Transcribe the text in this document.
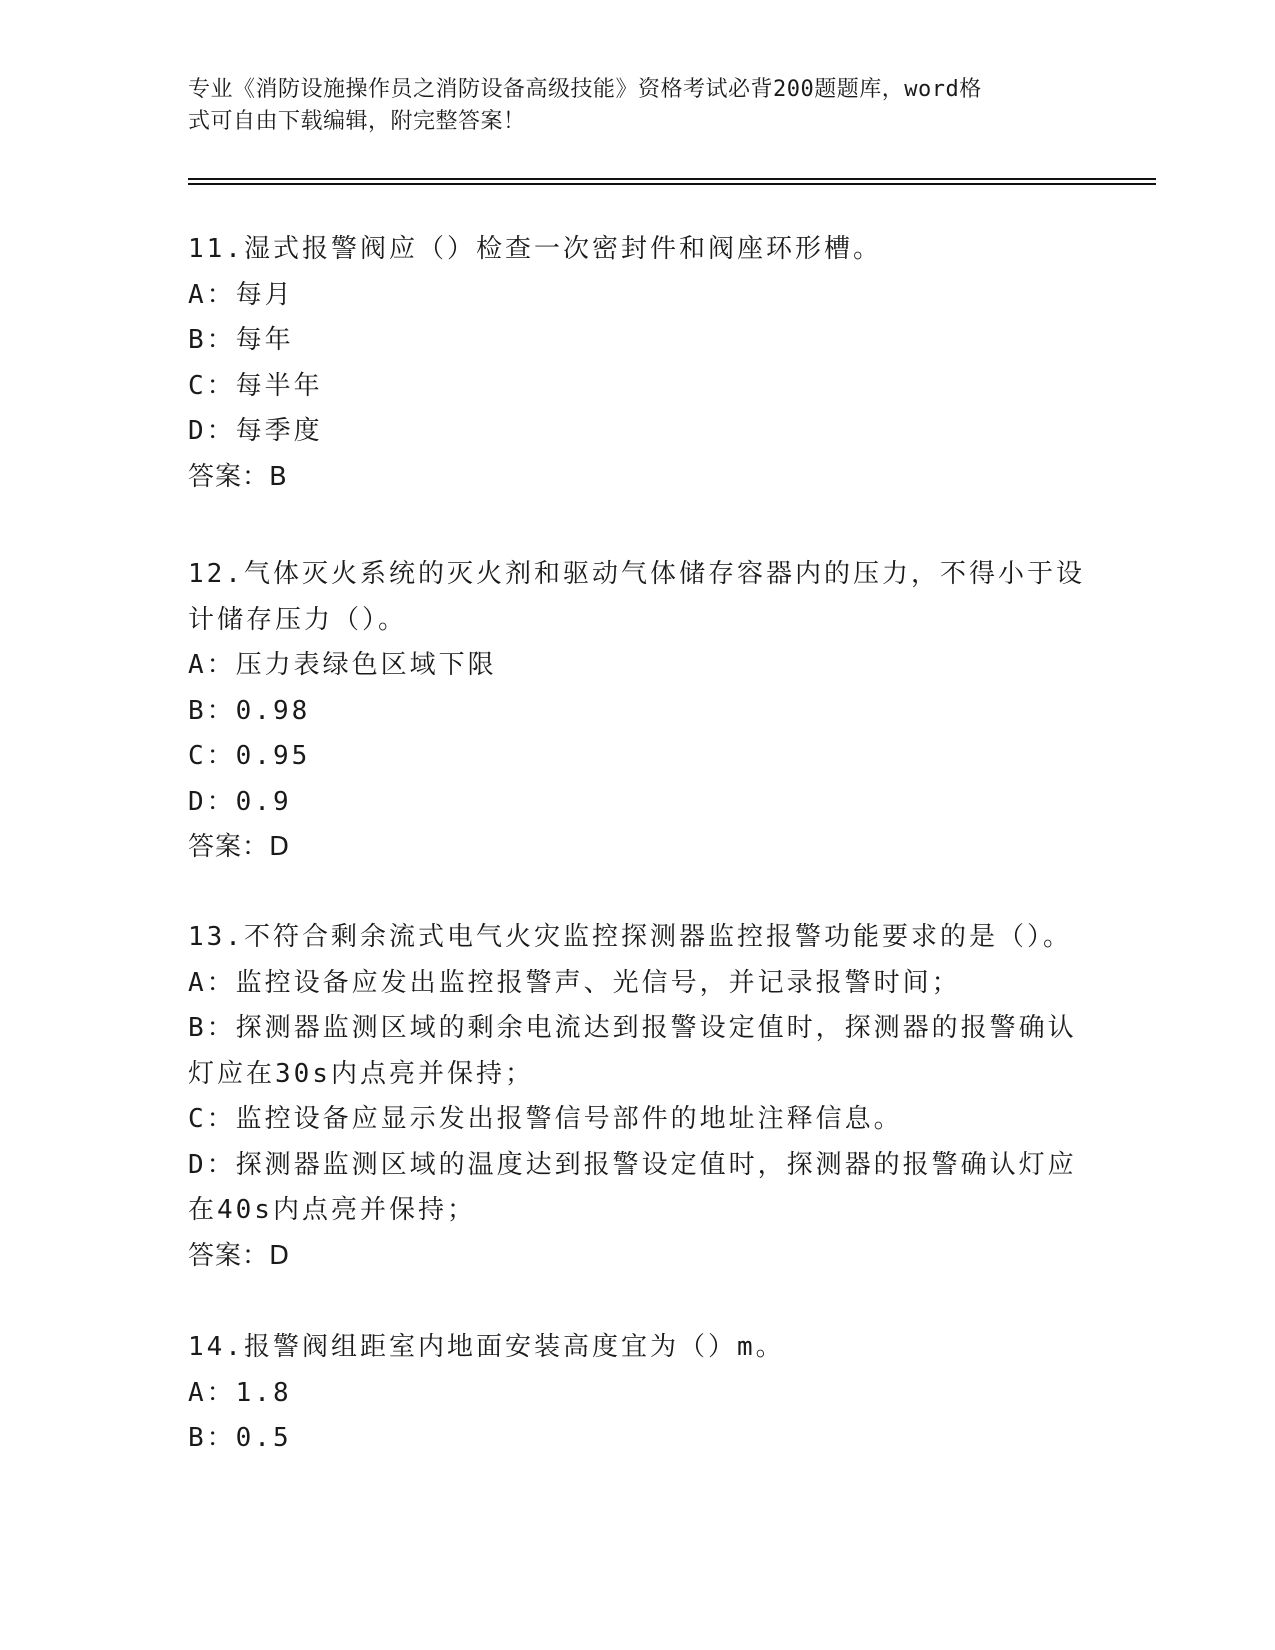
专业《消防设施操作员之消防设备高级技能》资格考试必背200题题库，word格
式可自由下载编辑，附完整答案！
11.湿式报警阀应（）检查一次密封件和阀座环形槽。
A：每月
B：每年
C：每半年
D：每季度
答案：B
12.气体灭火系统的灭火剂和驱动气体储存容器内的压力，不得小于设
计储存压力（）。
A：压力表绿色区域下限
B：0.98
C：0.95
D：0.9
答案：D
13.不符合剩余流式电气火灾监控探测器监控报警功能要求的是（）。
A：监控设备应发出监控报警声、光信号，并记录报警时间；
B：探测器监测区域的剩余电流达到报警设定值时，探测器的报警确认
灯应在30s内点亮并保持；
C：监控设备应显示发出报警信号部件的地址注释信息。
D：探测器监测区域的温度达到报警设定值时，探测器的报警确认灯应
在40s内点亮并保持；
答案：D
14.报警阀组距室内地面安装高度宜为（）m。
A：1.8
B：0.5
